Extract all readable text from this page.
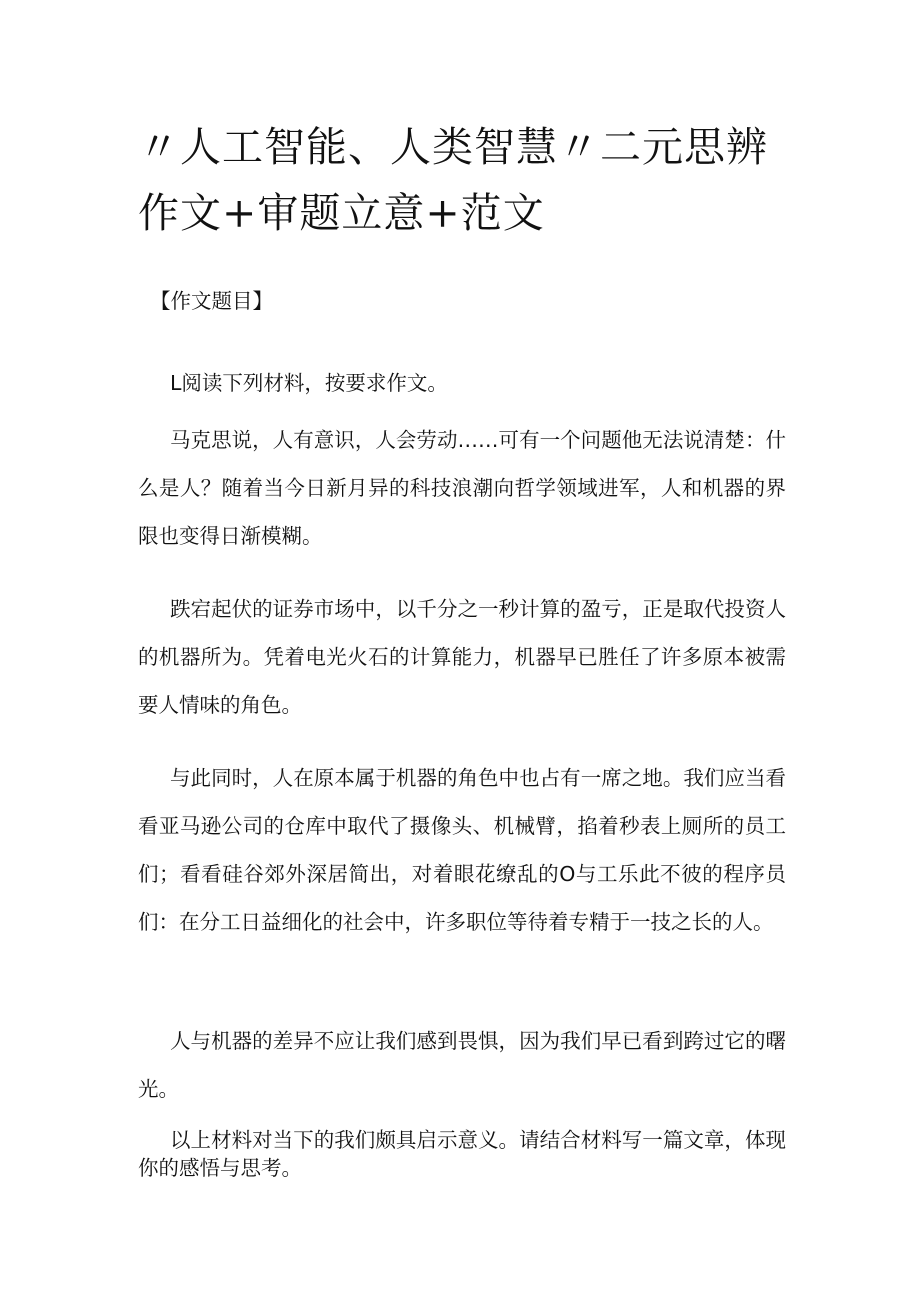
〃人工智能、人类智慧〃二元思辨作文+审题立意+范文

【作文题目】

L阅读下列材料，按要求作文。

马克思说，人有意识，人会劳动……可有一个问题他无法说清楚：什么是人？随着当今日新月异的科技浪潮向哲学领域进军，人和机器的界限也变得日渐模糊。

跌宕起伏的证券市场中，以千分之一秒计算的盈亏，正是取代投资人的机器所为。凭着电光火石的计算能力，机器早已胜任了许多原本被需要人情味的角色。

与此同时，人在原本属于机器的角色中也占有一席之地。我们应当看看亚马逊公司的仓库中取代了摄像头、机械臂，掐着秒表上厕所的员工们；看看硅谷郊外深居简出，对着眼花缭乱的O与工乐此不彼的程序员们：在分工日益细化的社会中，许多职位等待着专精于一技之长的人。

人与机器的差异不应让我们感到畏惧，因为我们早已看到跨过它的曙光。

以上材料对当下的我们颇具启示意义。请结合材料写一篇文章，体现你的感悟与思考。
